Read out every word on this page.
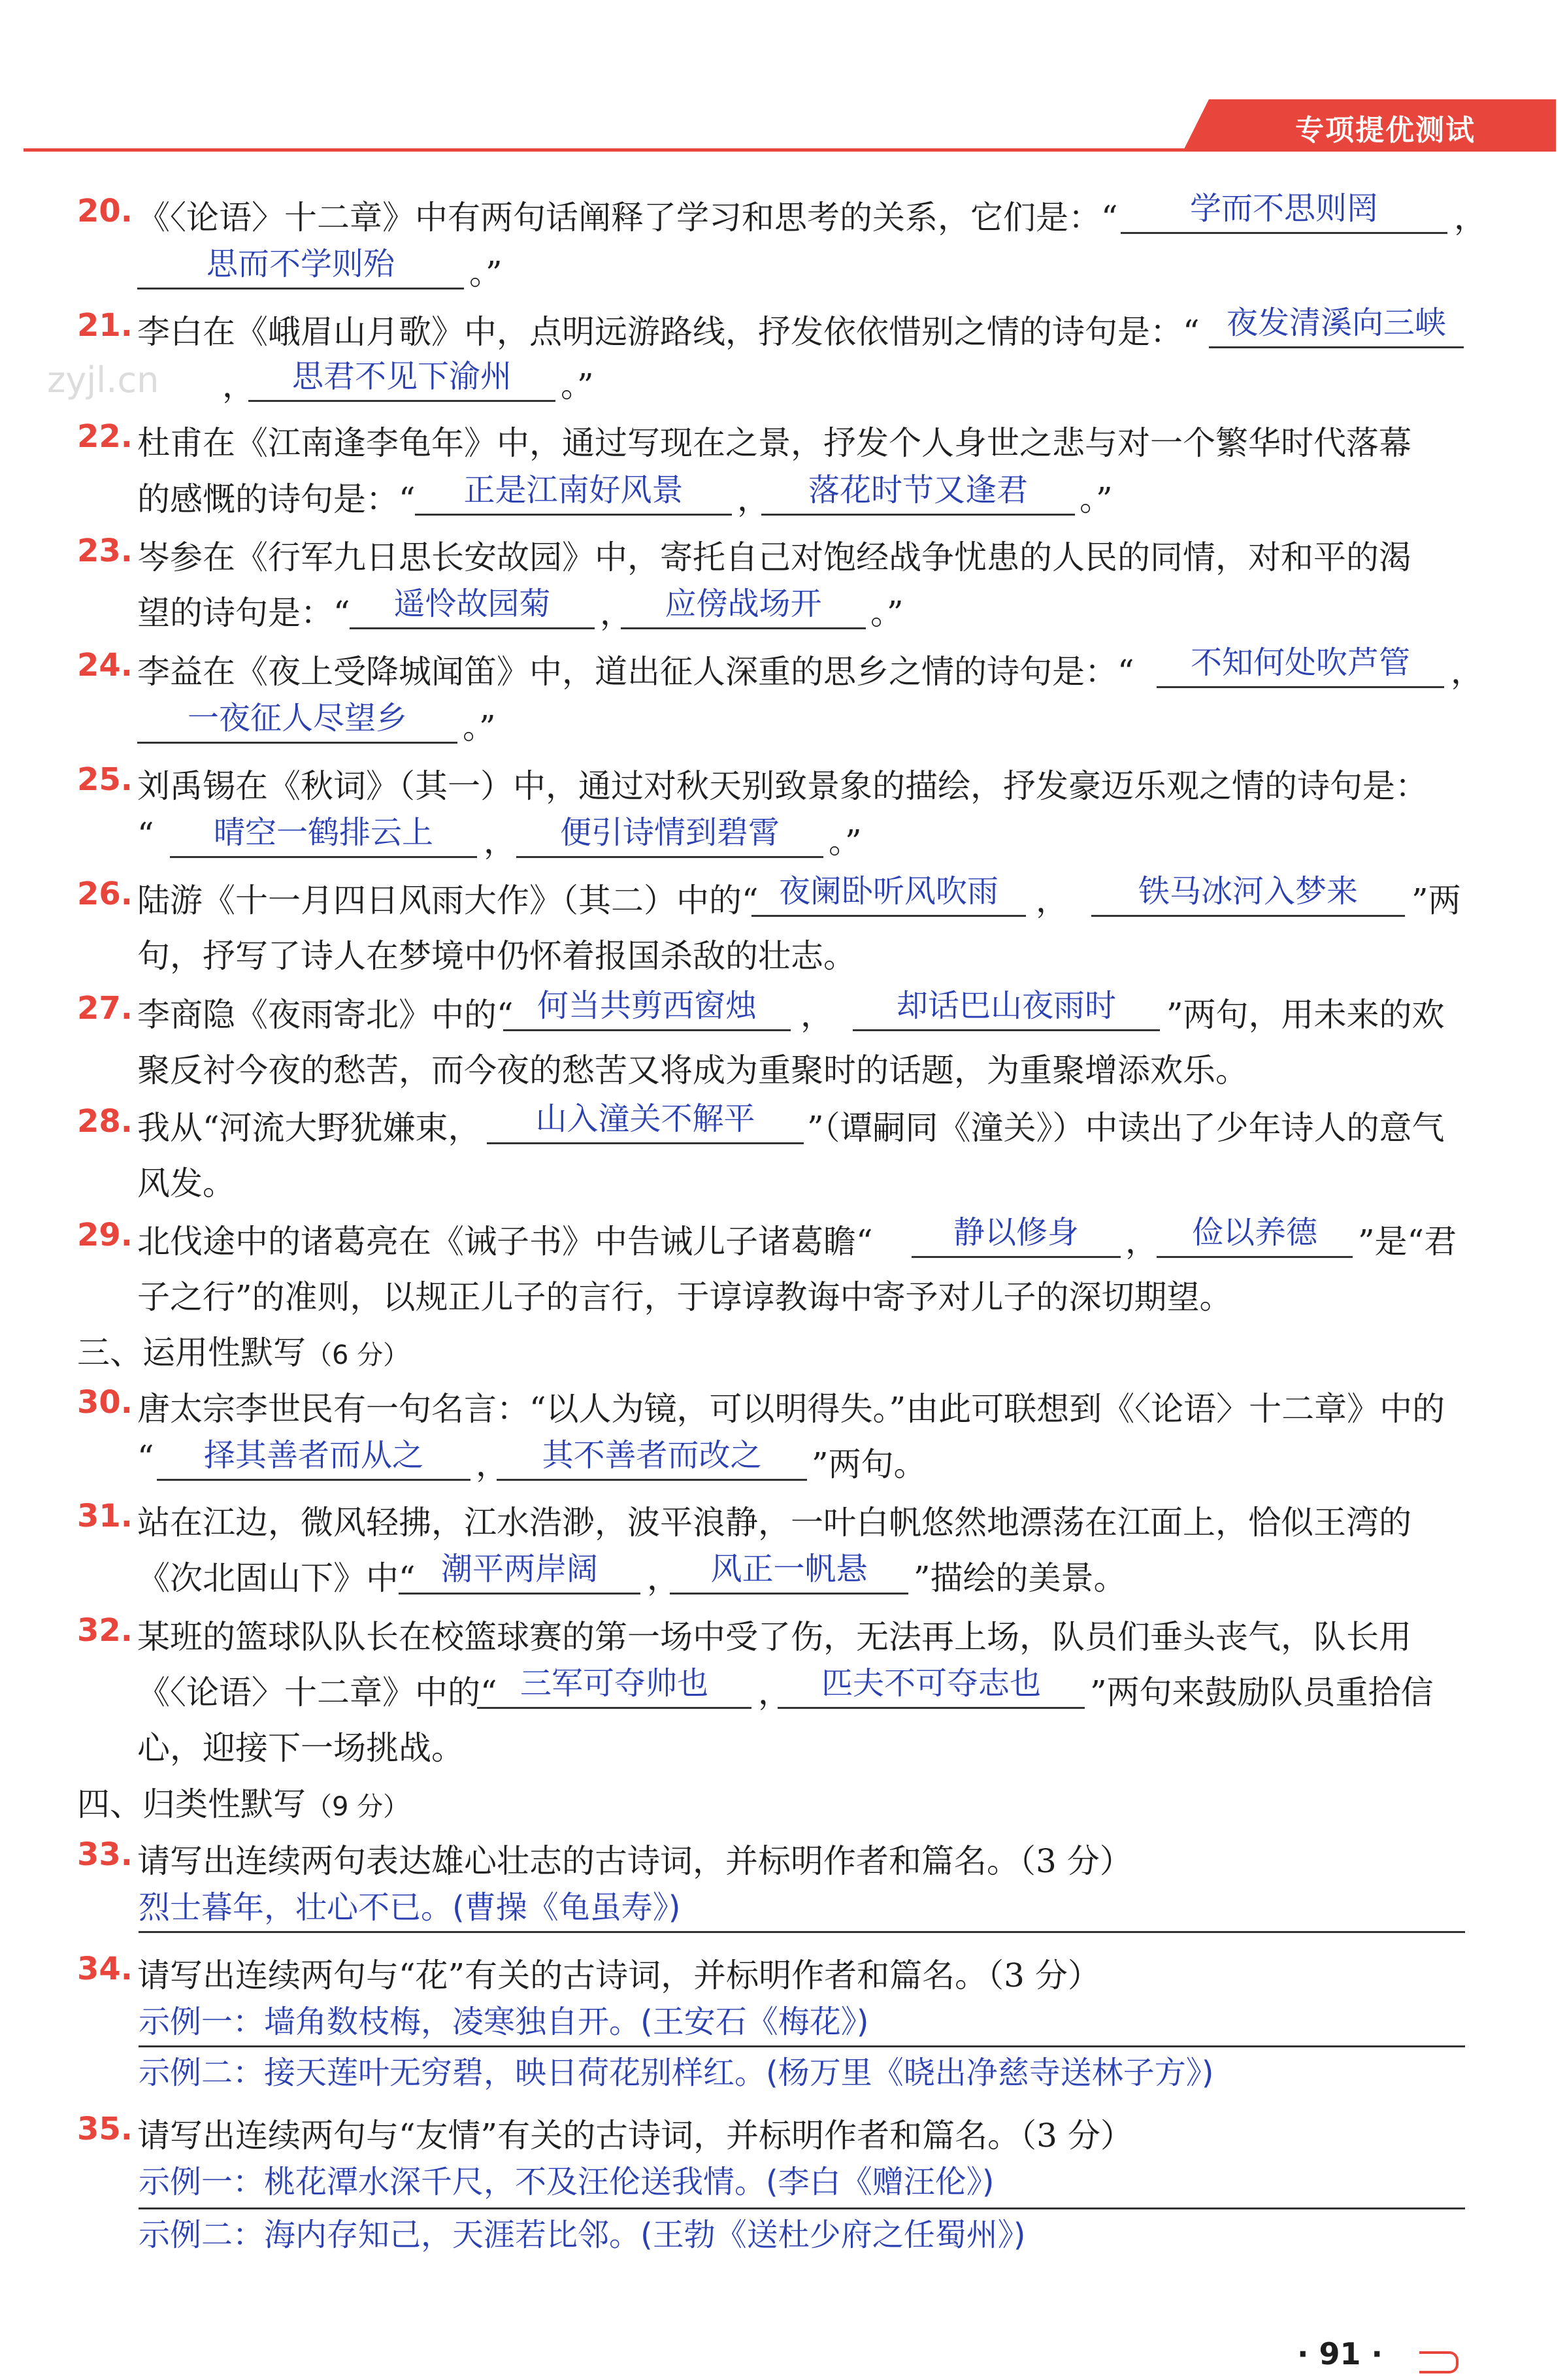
专项提优测试
zyjl.cn
20. 《〈论语〉十二章》中有两句话阐释了学习和思考的关系，它们是：“	学而不思则罔	，
思而不学则殆	。”
21. 李白在《峨眉山月歌》中，点明远游路线，抒发依依惜别之情的诗句是：“ 夜发清溪向三峡
，	思君不见下渝州	。”
22. 杜甫在《江南逢李龟年》中，通过写现在之景，抒发个人身世之悲与对一个繁华时代落幕
的感慨的诗句是：“	正是江南好风景	，	落花时节又逢君	。”
23. 岑参在《行军九日思长安故园》中，寄托自己对饱经战争忧患的人民的同情，对和平的渴
望的诗句是：“	遥怜故园菊	，	应傍战场开	。”
24. 李益在《夜上受降城闻笛》中，道出征人深重的思乡之情的诗句是：“	不知何处吹芦管	，
一夜征人尽望乡	。”
25. 刘禹锡在《秋词》（其一）中，通过对秋天别致景象的描绘，抒发豪迈乐观之情的诗句是：
“	晴空一鹤排云上	，	便引诗情到碧霄	。”
26. 陆游《十一月四日风雨大作》（其二）中的“ 夜阑卧听风吹雨	，	铁马冰河入梦来	”两
句，抒写了诗人在梦境中仍怀着报国杀敌的壮志。
27. 李商隐《夜雨寄北》中的“ 何当共剪西窗烛	，	却话巴山夜雨时	”两句，用未来的欢
聚反衬今夜的愁苦，而今夜的愁苦又将成为重聚时的话题，为重聚增添欢乐。
28. 我从“河流大野犹嫌束，	山入潼关不解平	”（谭嗣同《潼关》）中读出了少年诗人的意气
风发。
29. 北伐途中的诸葛亮在《诫子书》中告诫儿子诸葛瞻“	静以修身	，	俭以养德	”是“君
子之行”的准则，以规正儿子的言行，于谆谆教诲中寄予对儿子的深切期望。
三、运用性默写（6 分）
30. 唐太宗李世民有一句名言：“以人为镜，可以明得失。”由此可联想到《〈论语〉十二章》中的
“	择其善者而从之	，	其不善者而改之	”两句。
31. 站在江边，微风轻拂，江水浩渺，波平浪静，一叶白帆悠然地漂荡在江面上，恰似王湾的
《次北固山下》中“ 潮平两岸阔	， 风正一帆悬	”描绘的美景。
32. 某班的篮球队队长在校篮球赛的第一场中受了伤，无法再上场，队员们垂头丧气，队长用
《〈论语〉十二章》中的“ 三军可夺帅也	， 匹夫不可夺志也	”两句来鼓励队员重拾信
心，迎接下一场挑战。
四、归类性默写（9 分）
33. 请写出连续两句表达雄心壮志的古诗词，并标明作者和篇名。（3 分）
烈士暮年，壮心不已。(曹操《龟虽寿》)
34. 请写出连续两句与“花”有关的古诗词，并标明作者和篇名。（3 分）
示例一：墙角数枝梅，凌寒独自开。(王安石《梅花》)
示例二：接天莲叶无穷碧，映日荷花别样红。(杨万里《晓出净慈寺送林子方》)
35. 请写出连续两句与“友情”有关的古诗词，并标明作者和篇名。（3 分）
示例一：桃花潭水深千尺，不及汪伦送我情。(李白《赠汪伦》)
示例二：海内存知己，天涯若比邻。(王勃《送杜少府之任蜀州》)
· 91 ·
